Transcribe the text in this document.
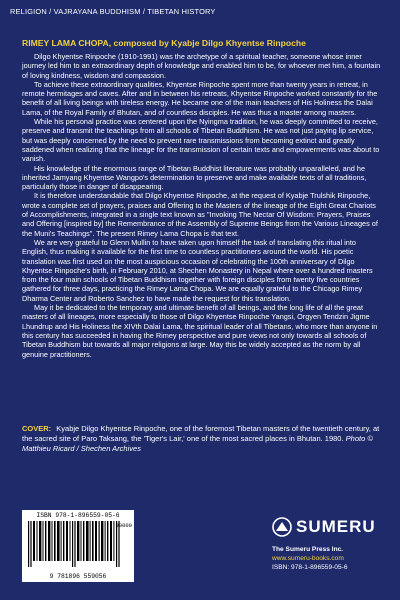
RELIGION / VAJRAYANA BUDDHISM / TIBETAN HISTORY
RIMEY LAMA CHOPA, composed by Kyabje Dilgo Khyentse Rinpoche

Dilgo Khyentse Rinpoche (1910-1991) was the archetype of a spiritual teacher, someone whose inner journey led him to an extraordinary depth of knowledge and enabled him to be, for whoever met him, a fountain of loving kindness, wisdom and compassion.

To achieve these extraordinary qualities, Khyentse Rinpoche spent more than twenty years in retreat, in remote hermitages and caves. After and in between his retreats, Khyentse Rinpoche worked constantly for the benefit of all living beings with tireless energy. He became one of the main teachers of His Holiness the Dalai Lama, of the Royal Family of Bhutan, and of countless disciples. He was thus a master among masters.

While his personal practice was centered upon the Nyingma tradition, he was deeply committed to receive, preserve and transmit the teachings from all schools of Tibetan Buddhism. He was not just paying lip service, but was deeply concerned by the need to prevent rare transmissions from becoming extinct and greatly saddened when realizing that the lineage for the transmission of certain texts and empowerments was about to vanish.

His knowledge of the enormous range of Tibetan Buddhist literature was probably unparalleled, and he inherited Jamyang Khyentse Wangpo's determination to preserve and make available texts of all traditions, particularly those in danger of disappearing.

It is therefore understandable that Dilgo Khyentse Rinpoche, at the request of Kyabje Trulshik Rinpoche, wrote a complete set of prayers, praises and Offering to the Masters of the lineage of the Eight Great Chariots of Accomplishments, integrated in a single text known as "Invoking The Nectar Of Wisdom: Prayers, Praises and Offering [inspired by] the Remembrance of the Assembly of Supreme Beings from the Various Lineages of the Muni's Teachings". The present Rimey Lama Chopa is that text.

We are very grateful to Glenn Mullin to have taken upon himself the task of translating this ritual into English, thus making it available for the first time to countless practitioners around the world. His poetic translation was first used on the most auspicious occasion of celebrating the 100th anniversary of Dilgo Khyentse Rinpoche's birth, in February 2010, at Shechen Monastery in Nepal where over a hundred masters from the four main schools of Tibetan Buddhism together with foreign disciples from twenty five countries gathered for three days, practicing the Rimey Lama Chopa. We are equally grateful to the Chicago Rimey Dharma Center and Roberto Sanchez to have made the request for this translation.

May it be dedicated to the temporary and ultimate benefit of all beings, and the long life of all the great masters of all lineages, more especially to those of Dilgo Khyentse Rinpoche Yangsi, Orgyen Tendzin Jigme Lhundrup and His Holiness the XIVth Dalai Lama, the spiritual leader of all Tibetans, who more than anyone in this century has succeeded in having the Rimey perspective and pure views not only towards all schools of Tibetan Buddhism but towards all major religions at large. May this be widely accepted as the norm by all genuine practitioners.

COVER: Kyabje Dilgo Khyentse Rinpoche, one of the foremost Tibetan masters of the twentieth century, at the sacred site of Paro Taksang, the 'Tiger's Lair,' one of the most sacred places in Bhutan. 1980. Photo © Matthieu Ricard / Shechen Archives
ISBN 978-1-896559-05-6
90000
9 781896 559056
SUMERU
The Sumeru Press Inc.
www.sumeru-books.com
ISBN: 978-1-896559-05-6
